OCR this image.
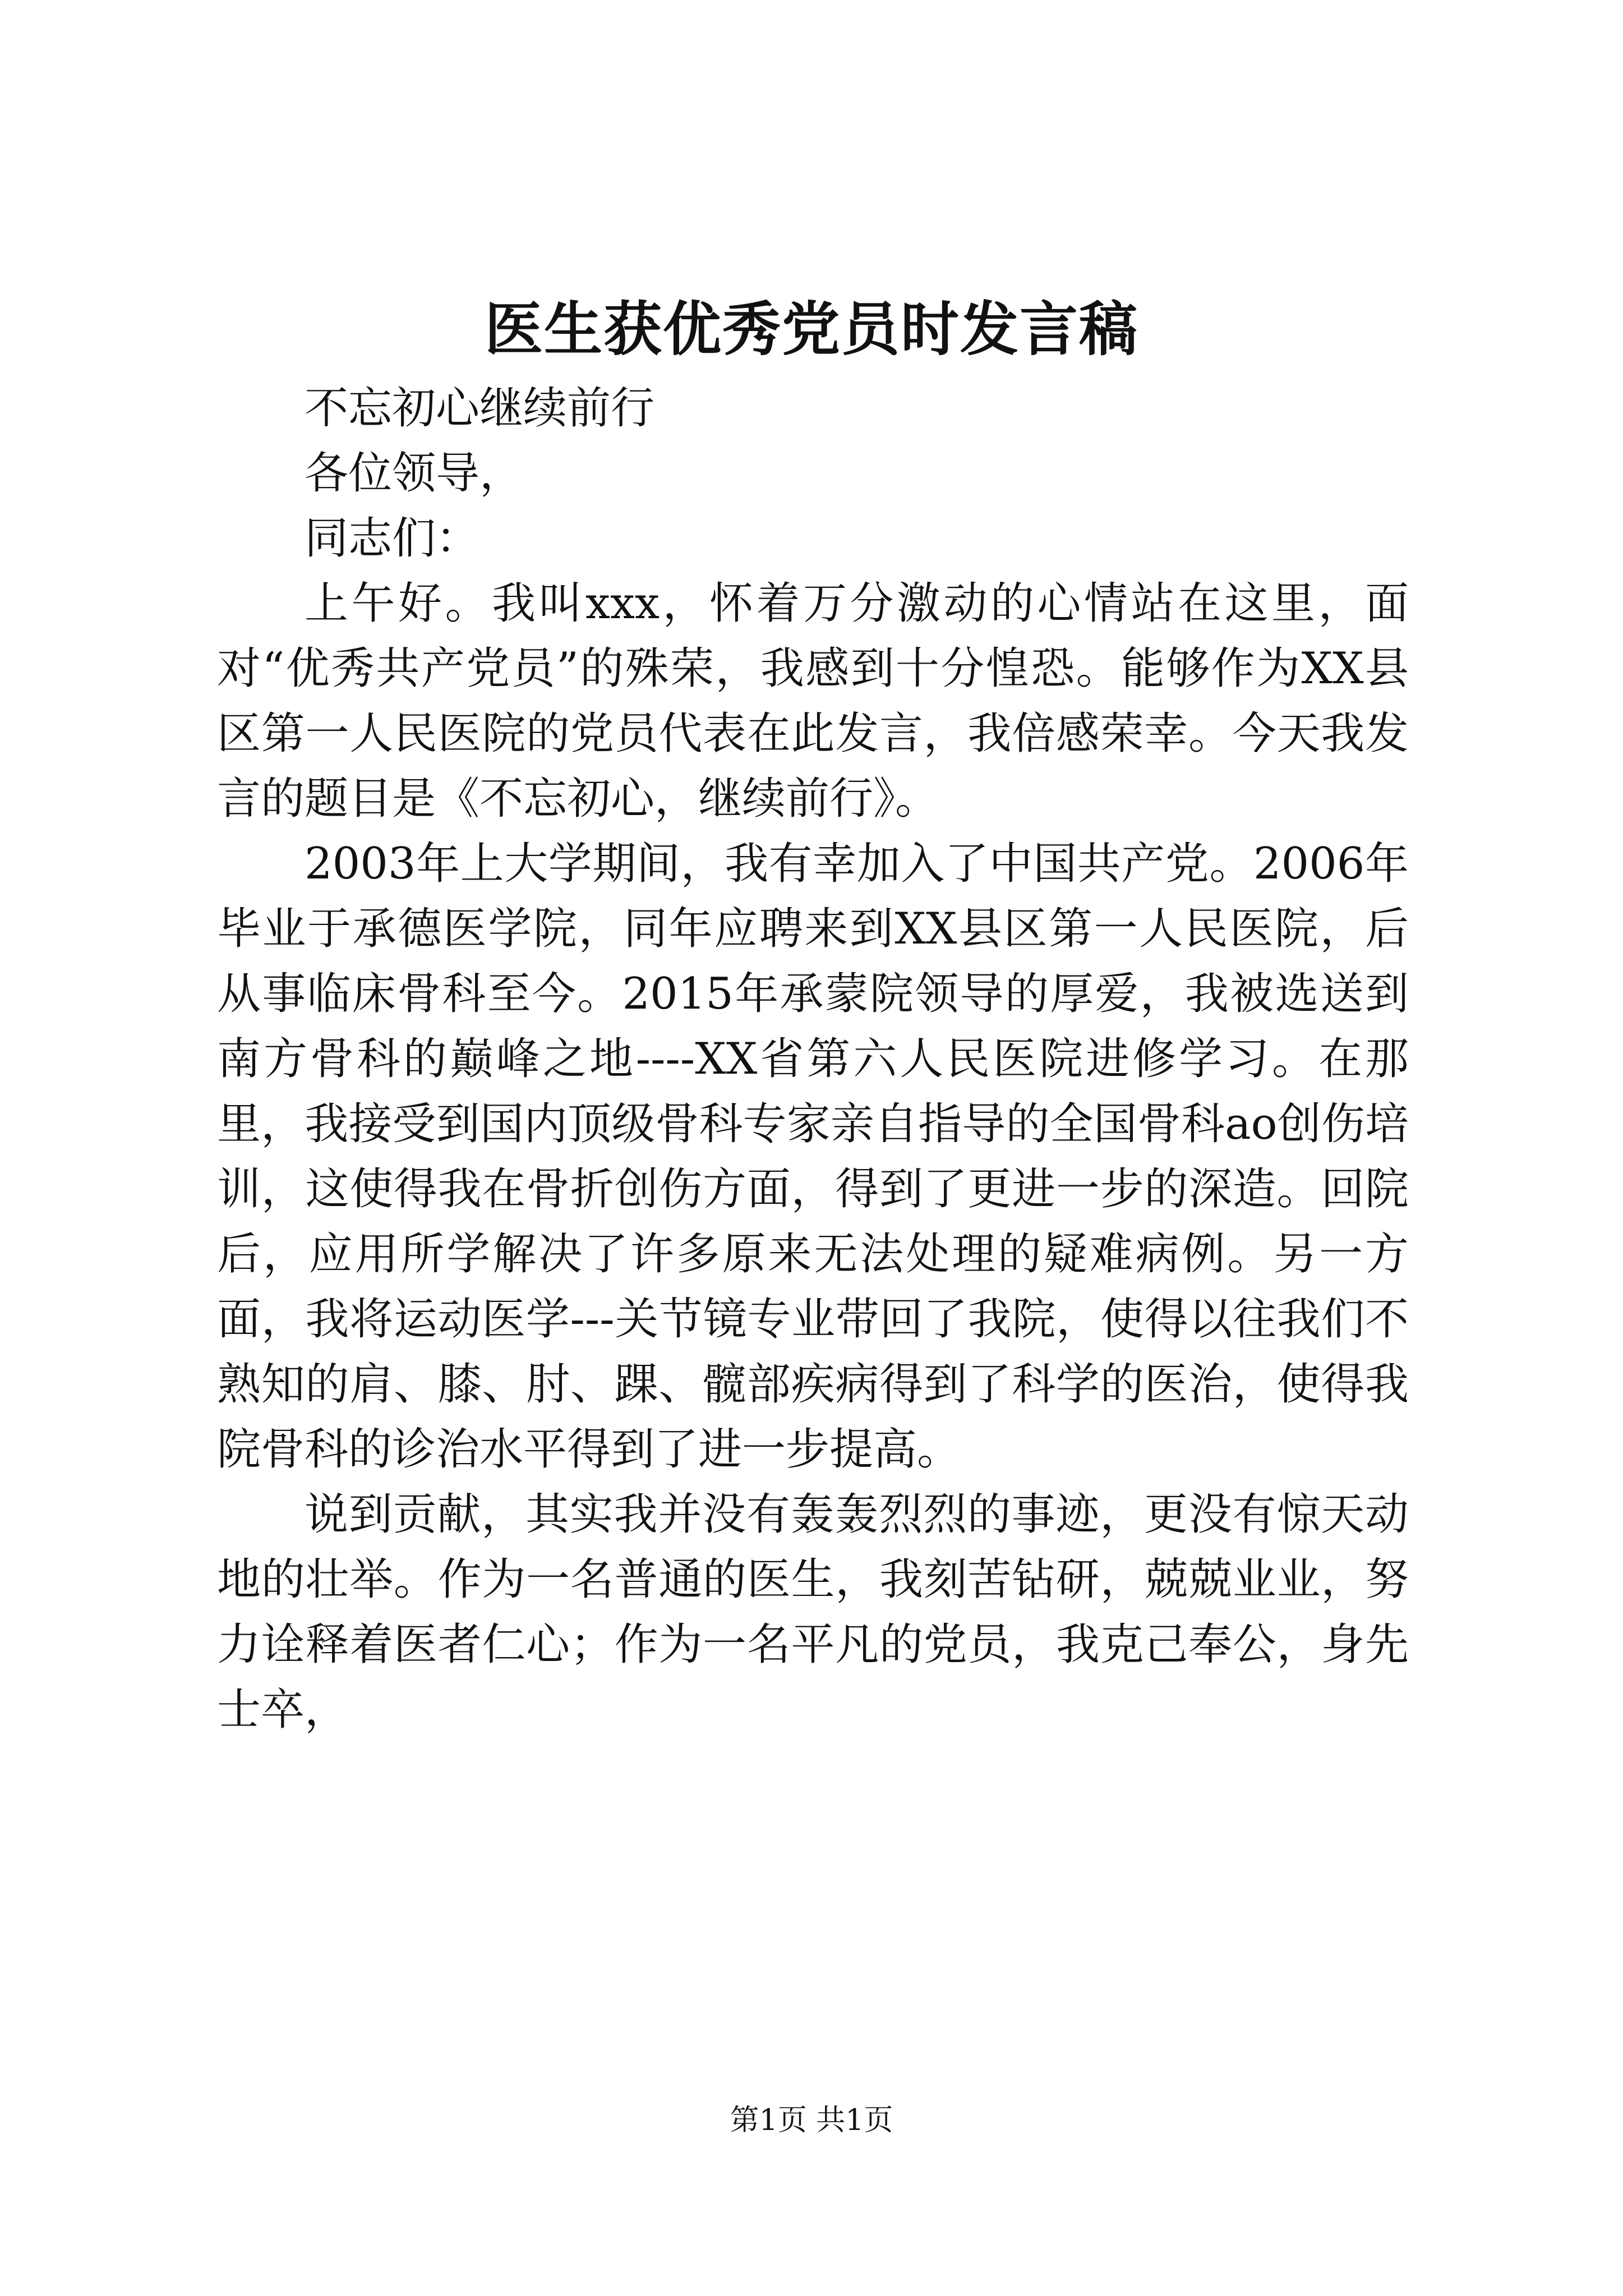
医生获优秀党员时发言稿

不忘初心继续前行

各位领导，

同志们：

上午好。我叫xxx，怀着万分激动的心情站在这里，面对“优秀共产党员”的殊荣，我感到十分惶恐。能够作为XX县区第一人民医院的党员代表在此发言，我倍感荣幸。今天我发言的题目是《不忘初心，继续前行》。

2003年上大学期间，我有幸加入了中国共产党。2006年毕业于承德医学院，同年应聘来到XX县区第一人民医院，后从事临床骨科至今。2015年承蒙院领导的厚爱，我被选送到南方骨科的巅峰之地----XX省第六人民医院进修学习。在那里，我接受到国内顶级骨科专家亲自指导的全国骨科ao创伤培训，这使得我在骨折创伤方面，得到了更进一步的深造。回院后，应用所学解决了许多原来无法处理的疑难病例。另一方面，我将运动医学---关节镜专业带回了我院，使得以往我们不熟知的肩、膝、肘、踝、髋部疾病得到了科学的医治，使得我院骨科的诊治水平得到了进一步提高。

说到贡献，其实我并没有轰轰烈烈的事迹，更没有惊天动地的壮举。作为一名普通的医生，我刻苦钻研，兢兢业业，努力诠释着医者仁心；作为一名平凡的党员，我克己奉公，身先士卒，

第1页 共1页
